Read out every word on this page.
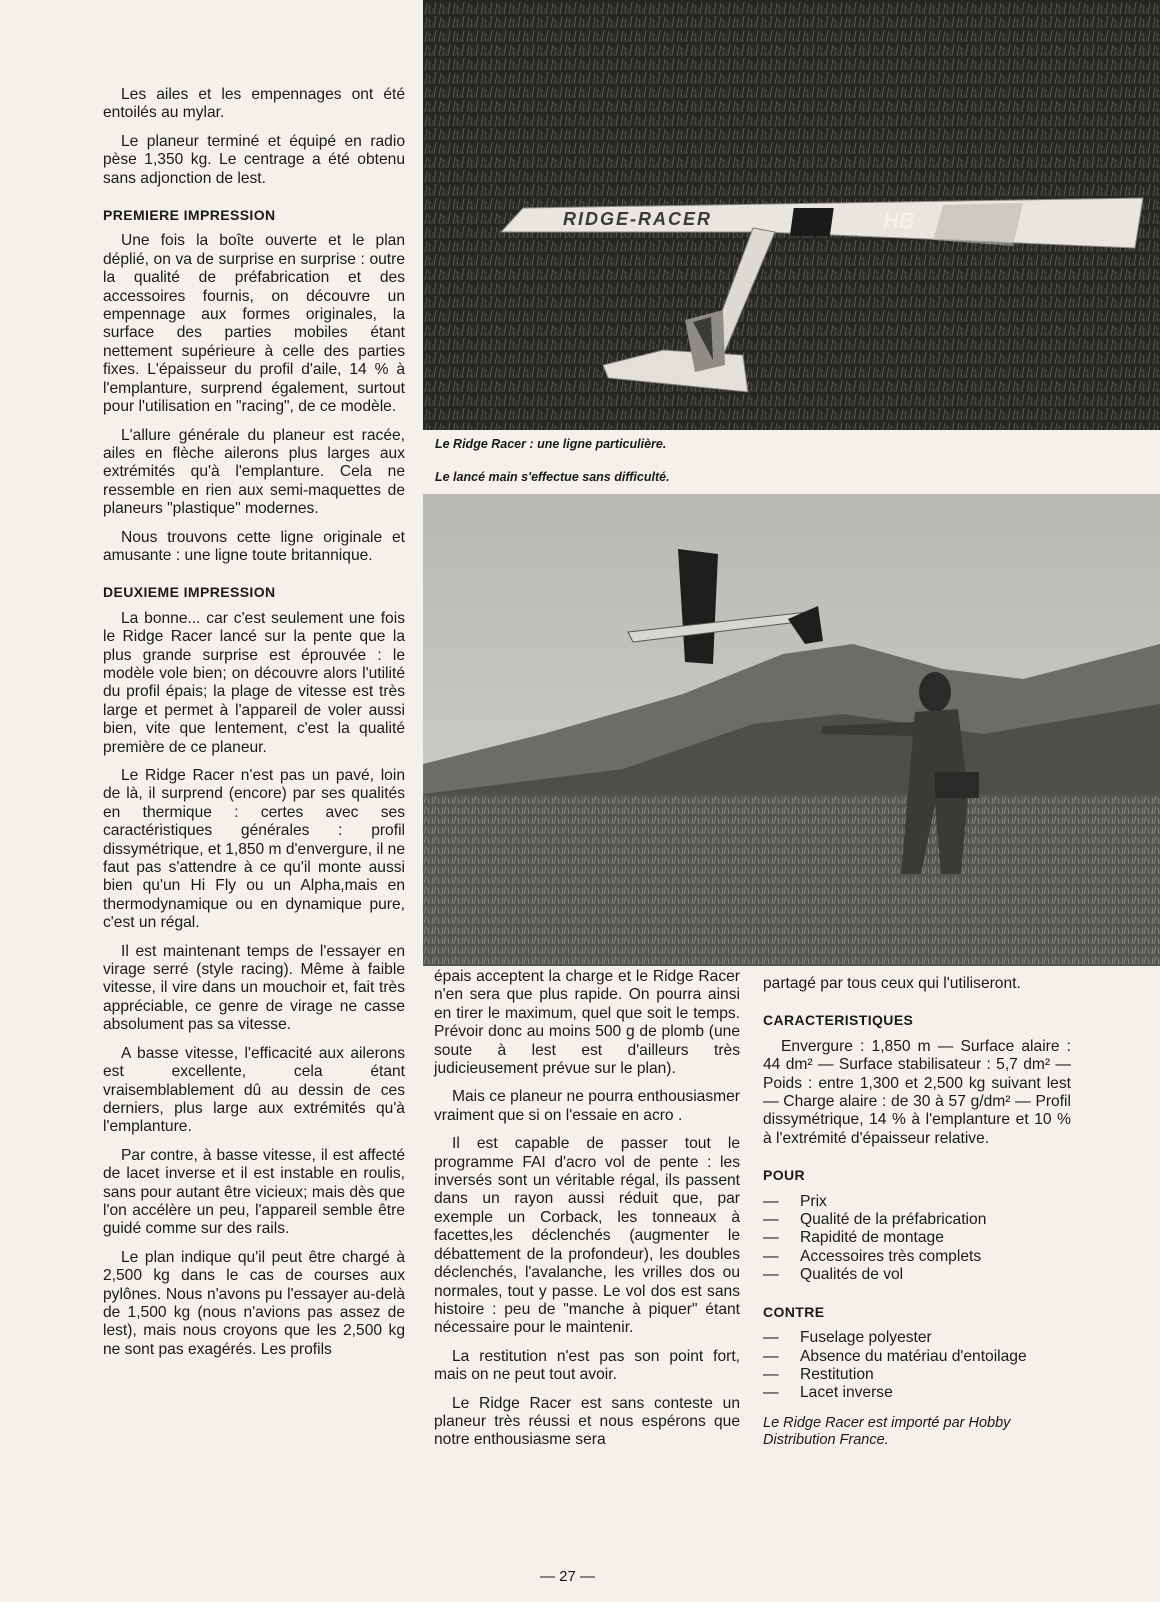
HB
RIDGE-RACER
Le Ridge Racer : une ligne particulière.
Le lancé main s'effectue sans difficulté.

Les ailes et les empennages ont été entoilés au mylar.

Le planeur terminé et équipé en radio pèse 1,350 kg. Le centrage a été obtenu sans adjonction de lest.

PREMIERE IMPRESSION

Une fois la boîte ouverte et le plan déplié, on va de surprise en surprise : outre la qualité de préfabrication et des accessoires fournis, on découvre un empennage aux formes originales, la surface des parties mobiles étant nettement supérieure à celle des parties fixes. L'épaisseur du profil d'aile, 14 % à l'emplanture, surprend également, surtout pour l'utilisation en "racing", de ce modèle.

L'allure générale du planeur est racée, ailes en flèche ailerons plus larges aux extrémités qu'à l'emplanture. Cela ne ressemble en rien aux semi-maquettes de planeurs "plastique" modernes.

Nous trouvons cette ligne originale et amusante : une ligne toute britannique.

DEUXIEME IMPRESSION

La bonne... car c'est seulement une fois le Ridge Racer lancé sur la pente que la plus grande surprise est éprouvée : le modèle vole bien; on découvre alors l'utilité du profil épais; la plage de vitesse est très large et permet à l'appareil de voler aussi bien, vite que lentement, c'est la qualité première de ce planeur.

Le Ridge Racer n'est pas un pavé, loin de là, il surprend (encore) par ses qualités en thermique : certes avec ses caractéristiques générales : profil dissymétrique, et 1,850 m d'envergure, il ne faut pas s'attendre à ce qu'il monte aussi bien qu'un Hi Fly ou un Alpha,mais en thermodynamique ou en dynamique pure, c'est un régal.

Il est maintenant temps de l'essayer en virage serré (style racing). Même à faible vitesse, il vire dans un mouchoir et, fait très appréciable, ce genre de virage ne casse absolument pas sa vitesse.

A basse vitesse, l'efficacité aux ailerons est excellente, cela étant vraisemblablement dû au dessin de ces derniers, plus large aux extrémités qu'à l'emplanture.

Par contre, à basse vitesse, il est affecté de lacet inverse et il est instable en roulis, sans pour autant être vicieux; mais dès que l'on accélère un peu, l'appareil semble être guidé comme sur des rails.

Le plan indique qu'il peut être chargé à 2,500 kg dans le cas de courses aux pylônes. Nous n'avons pu l'essayer au-delà de 1,500 kg (nous n'avions pas assez de lest), mais nous croyons que les 2,500 kg ne sont pas exagérés. Les profils

épais acceptent la charge et le Ridge Racer n'en sera que plus rapide. On pourra ainsi en tirer le maximum, quel que soit le temps. Prévoir donc au moins 500 g de plomb (une soute à lest est d'ailleurs très judicieusement prévue sur le plan).

Mais ce planeur ne pourra enthousiasmer vraiment que si on l'essaie en acro .

Il est capable de passer tout le programme FAI d'acro vol de pente : les inversés sont un véritable régal, ils passent dans un rayon aussi réduit que, par exemple un Corback, les tonneaux à facettes,les déclenchés (augmenter le débattement de la profondeur), les doubles déclenchés, l'avalanche, les vrilles dos ou normales, tout y passe. Le vol dos est sans histoire : peu de "manche à piquer" étant nécessaire pour le maintenir.

La restitution n'est pas son point fort, mais on ne peut tout avoir.

Le Ridge Racer est sans conteste un planeur très réussi et nous espérons que notre enthousiasme sera

partagé par tous ceux qui l'utiliseront.

CARACTERISTIQUES

Envergure : 1,850 m — Surface alaire : 44 dm² — Surface stabilisateur : 5,7 dm² — Poids : entre 1,300 et 2,500 kg suivant lest — Charge alaire : de 30 à 57 g/dm² — Profil dissymétrique, 14 % à l'emplanture et 10 % à l'extrémité d'épaisseur relative.

POUR
— Prix
— Qualité de la préfabrication
— Rapidité de montage
— Accessoires très complets
— Qualités de vol
CONTRE
— Fuselage polyester
— Absence du matériau d'entoilage
— Restitution
— Lacet inverse
Le Ridge Racer est importé par Hobby Distribution France.
— 27 —
